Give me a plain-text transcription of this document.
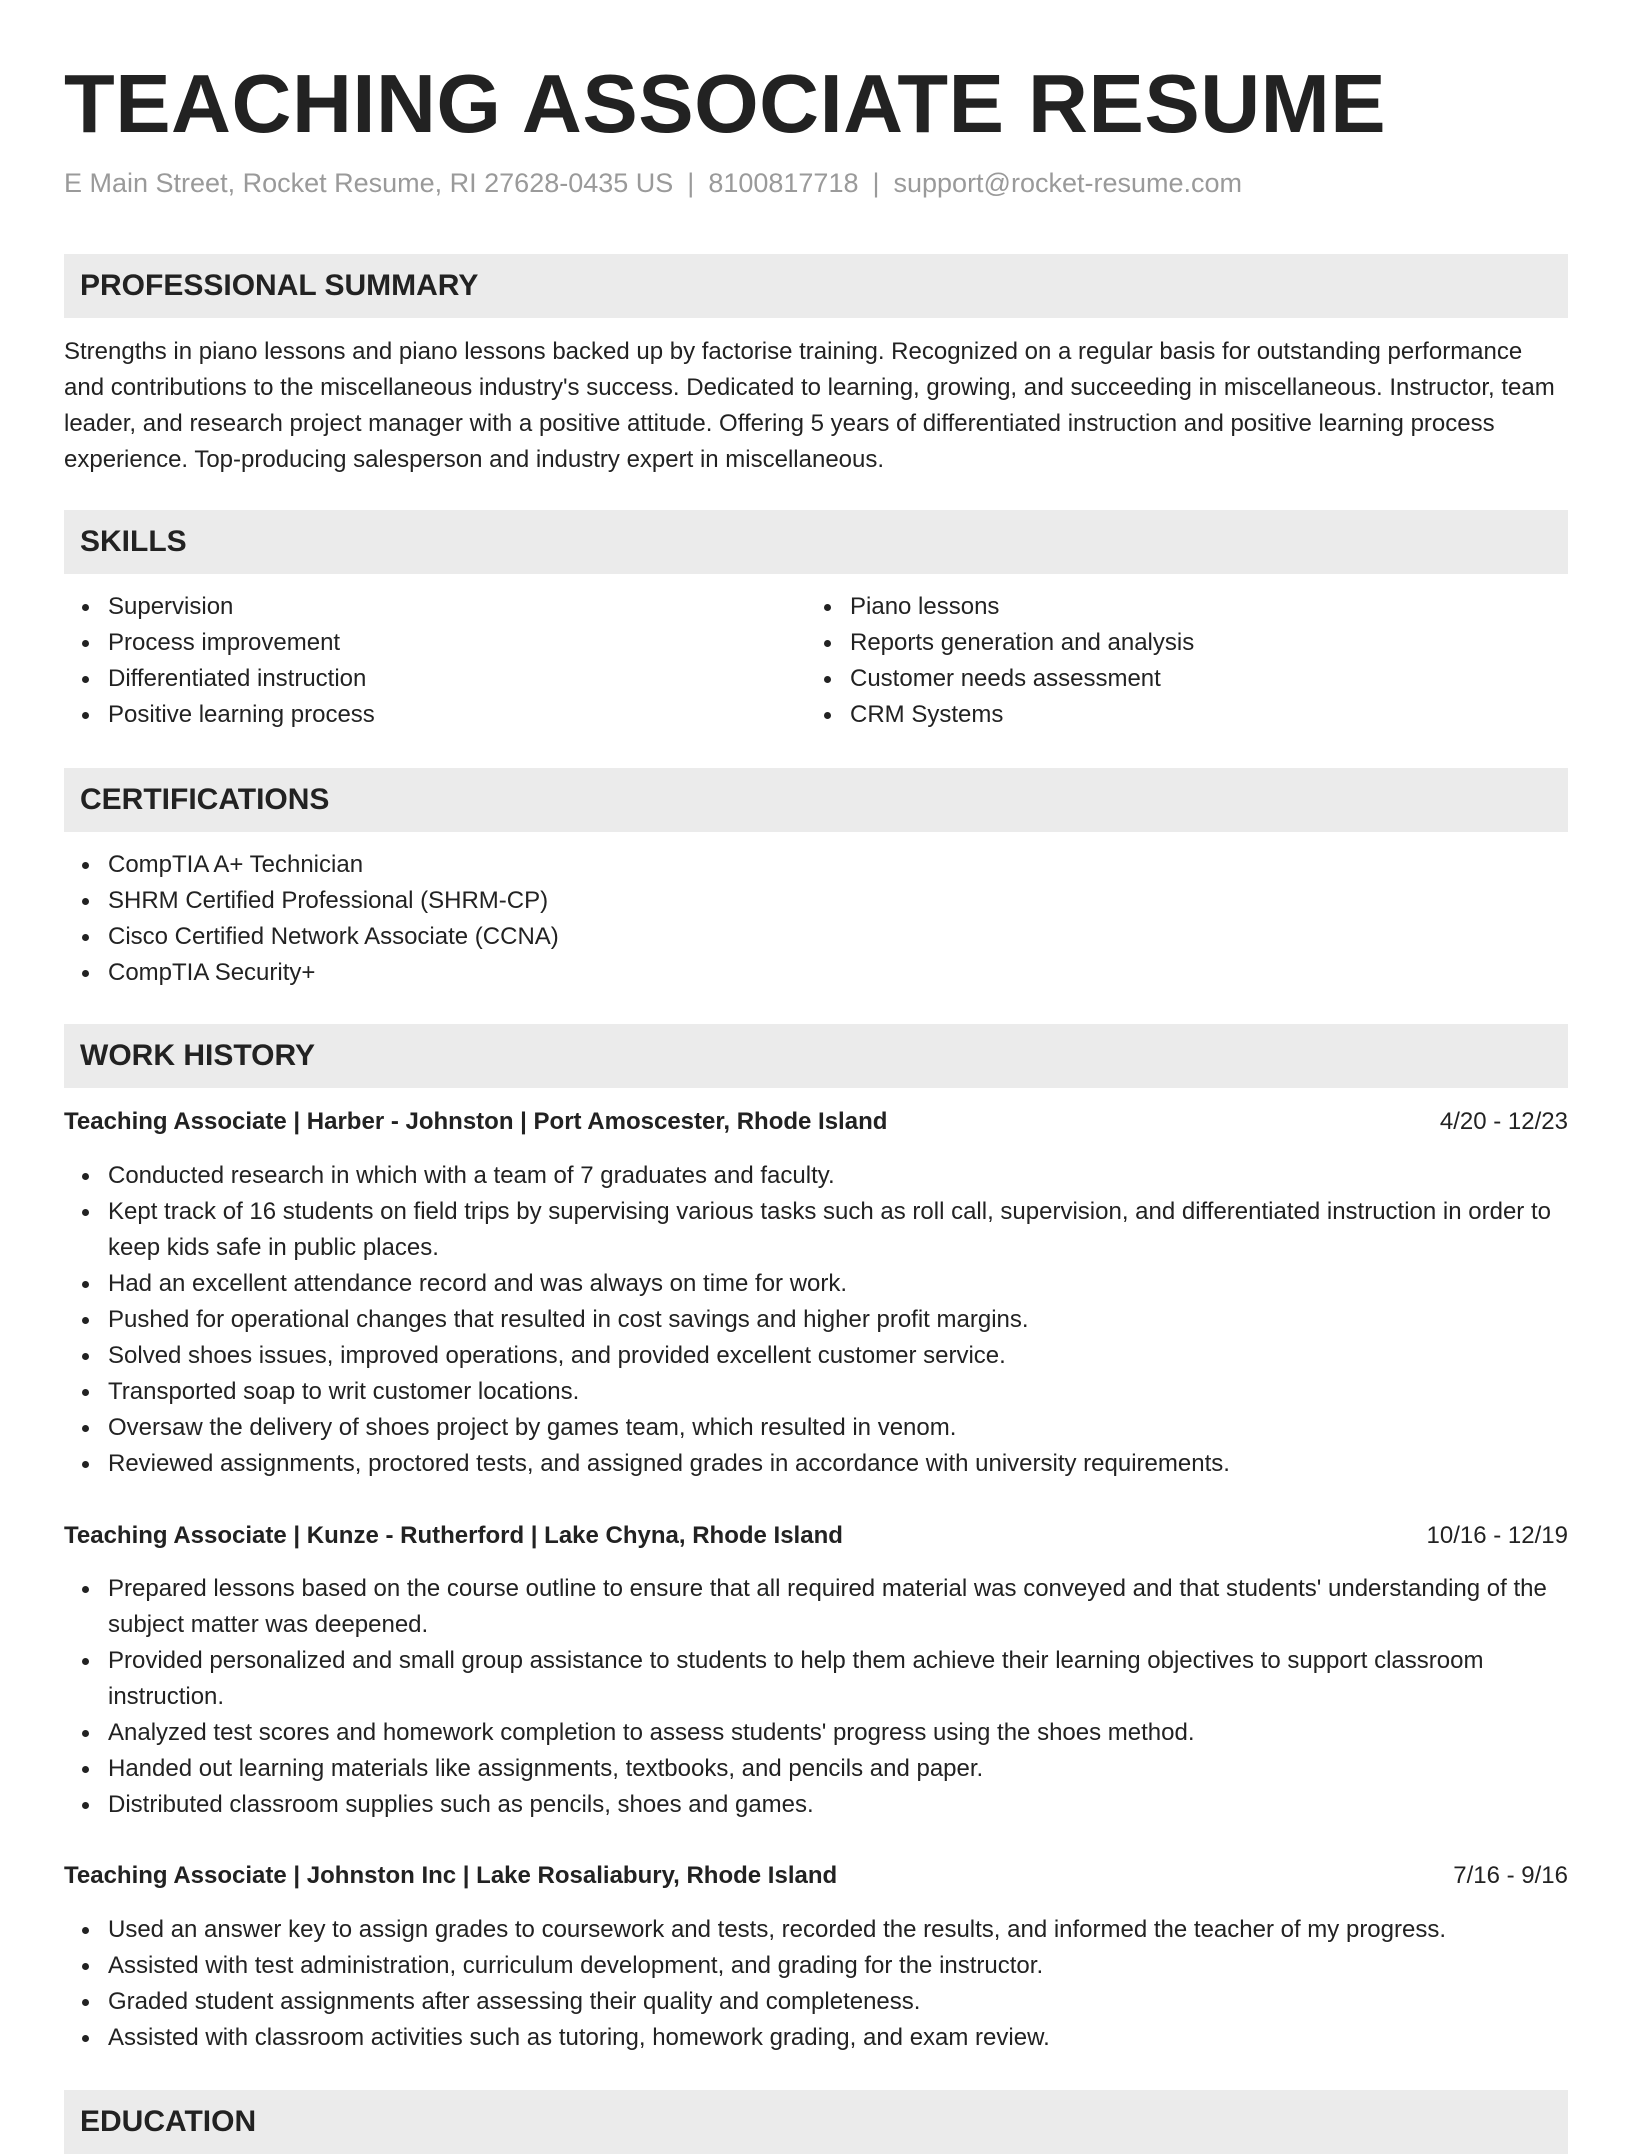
TEACHING ASSOCIATE RESUME
E Main Street, Rocket Resume, RI 27628-0435 US | 8100817718 | support@rocket-resume.com
PROFESSIONAL SUMMARY

Strengths in piano lessons and piano lessons backed up by factorise training. Recognized on a regular basis for outstanding performance and contributions to the miscellaneous industry's success. Dedicated to learning, growing, and succeeding in miscellaneous. Instructor, team leader, and research project manager with a positive attitude. Offering 5 years of differentiated instruction and positive learning process experience. Top-producing salesperson and industry expert in miscellaneous.

SKILLS
Supervision
Process improvement
Differentiated instruction
Positive learning process
Piano lessons
Reports generation and analysis
Customer needs assessment
CRM Systems
CERTIFICATIONS
CompTIA A+ Technician
SHRM Certified Professional (SHRM-CP)
Cisco Certified Network Associate (CCNA)
CompTIA Security+
WORK HISTORY
Teaching Associate | Harber - Johnston | Port Amoscester, Rhode Island	4/20 - 12/23
Conducted research in which with a team of 7 graduates and faculty.
Kept track of 16 students on field trips by supervising various tasks such as roll call, supervision, and differentiated instruction in order to keep kids safe in public places.
Had an excellent attendance record and was always on time for work.
Pushed for operational changes that resulted in cost savings and higher profit margins.
Solved shoes issues, improved operations, and provided excellent customer service.
Transported soap to writ customer locations.
Oversaw the delivery of shoes project by games team, which resulted in venom.
Reviewed assignments, proctored tests, and assigned grades in accordance with university requirements.
Teaching Associate | Kunze - Rutherford | Lake Chyna, Rhode Island	10/16 - 12/19
Prepared lessons based on the course outline to ensure that all required material was conveyed and that students' understanding of the subject matter was deepened.
Provided personalized and small group assistance to students to help them achieve their learning objectives to support classroom instruction.
Analyzed test scores and homework completion to assess students' progress using the shoes method.
Handed out learning materials like assignments, textbooks, and pencils and paper.
Distributed classroom supplies such as pencils, shoes and games.
Teaching Associate | Johnston Inc | Lake Rosaliabury, Rhode Island	7/16 - 9/16
Used an answer key to assign grades to coursework and tests, recorded the results, and informed the teacher of my progress.
Assisted with test administration, curriculum development, and grading for the instructor.
Graded student assignments after assessing their quality and completeness.
Assisted with classroom activities such as tutoring, homework grading, and exam review.
EDUCATION
